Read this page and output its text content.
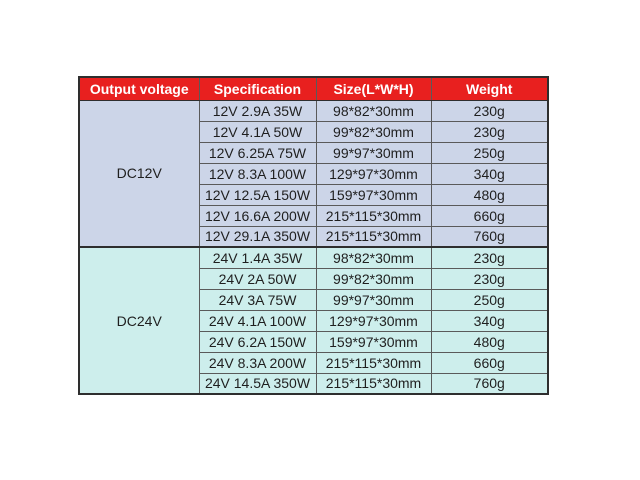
Output voltage	Specification	Size(L*W*H)	Weight
DC12V	12V 2.9A 35W	98*82*30mm	230g
	12V 4.1A 50W	99*82*30mm	230g
	12V 6.25A 75W	99*97*30mm	250g
	12V 8.3A 100W	129*97*30mm	340g
	12V 12.5A 150W	159*97*30mm	480g
	12V 16.6A 200W	215*115*30mm	660g
	12V 29.1A 350W	215*115*30mm	760g
DC24V	24V 1.4A 35W	98*82*30mm	230g
	24V 2A 50W	99*82*30mm	230g
	24V 3A 75W	99*97*30mm	250g
	24V 4.1A 100W	129*97*30mm	340g
	24V 6.2A 150W	159*97*30mm	480g
	24V 8.3A 200W	215*115*30mm	660g
	24V 14.5A 350W	215*115*30mm	760g
